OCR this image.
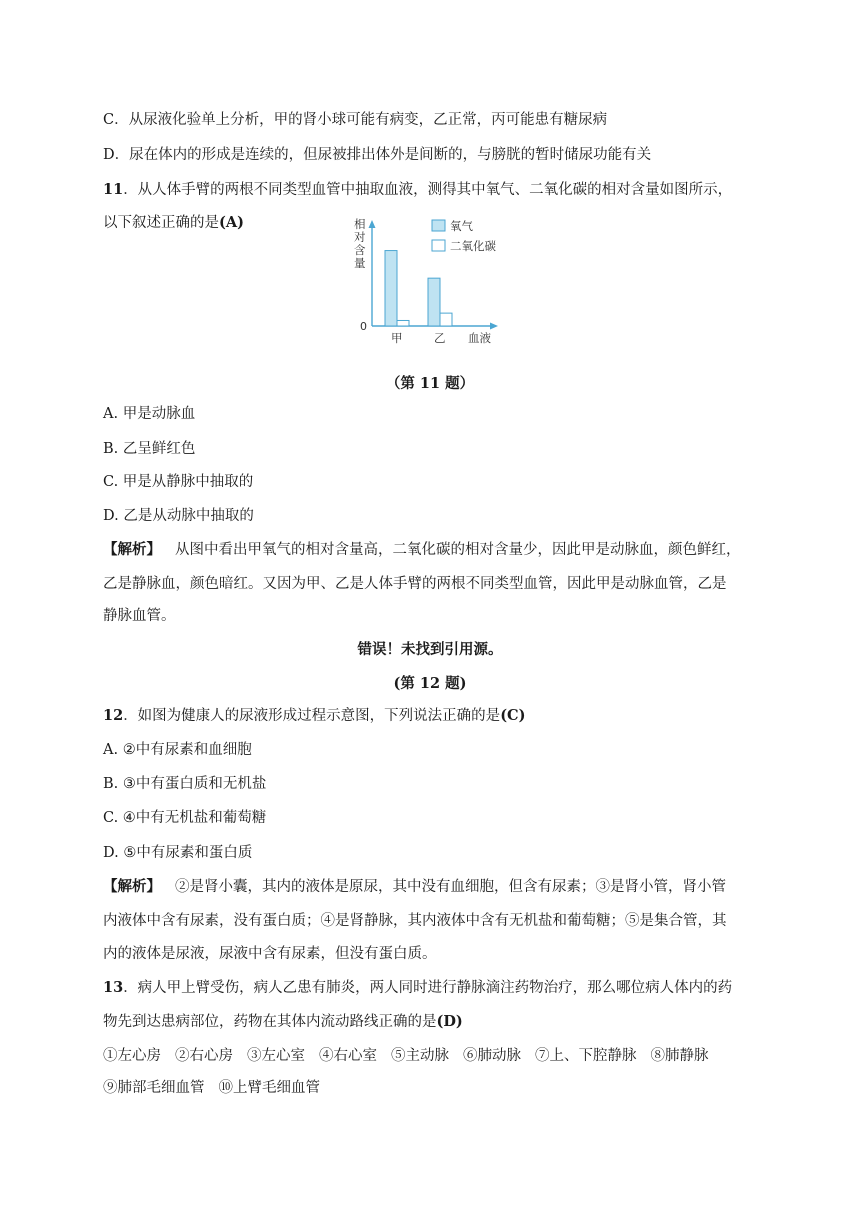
C．从尿液化验单上分析，甲的肾小球可能有病变，乙正常，丙可能患有糖尿病
D．尿在体内的形成是连续的，但尿被排出体外是间断的，与膀胱的暂时储尿功能有关
11．从人体手臂的两根不同类型血管中抽取血液，测得其中氧气、二氧化碳的相对含量如图所示，
以下叙述正确的是(A)	相对含量
0
甲	乙 血液
氧气
二氧化碳
（第 11 题）
A. 甲是动脉血
B. 乙呈鲜红色
C. 甲是从静脉中抽取的
D. 乙是从动脉中抽取的
【解析】 从图中看出甲氧气的相对含量高，二氧化碳的相对含量少，因此甲是动脉血，颜色鲜红，
乙是静脉血，颜色暗红。又因为甲、乙是人体手臂的两根不同类型血管，因此甲是动脉血管，乙是
静脉血管。
错误！未找到引用源。
(第 12 题)
12．如图为健康人的尿液形成过程示意图，下列说法正确的是(C)
A. ②中有尿素和血细胞
B. ③中有蛋白质和无机盐
C. ④中有无机盐和葡萄糖
D. ⑤中有尿素和蛋白质
【解析】 ②是肾小囊，其内的液体是原尿，其中没有血细胞，但含有尿素；③是肾小管，肾小管
内液体中含有尿素，没有蛋白质；④是肾静脉，其内液体中含有无机盐和葡萄糖；⑤是集合管，其
内的液体是尿液，尿液中含有尿素，但没有蛋白质。
13．病人甲上臂受伤，病人乙患有肺炎，两人同时进行静脉滴注药物治疗，那么哪位病人体内的药
物先到达患病部位，药物在其体内流动路线正确的是(D)
①左心房 ②右心房 ③左心室 ④右心室 ⑤主动脉 ⑥肺动脉 ⑦上、下腔静脉 ⑧肺静脉
⑨肺部毛细血管 ⑩上臂毛细血管
